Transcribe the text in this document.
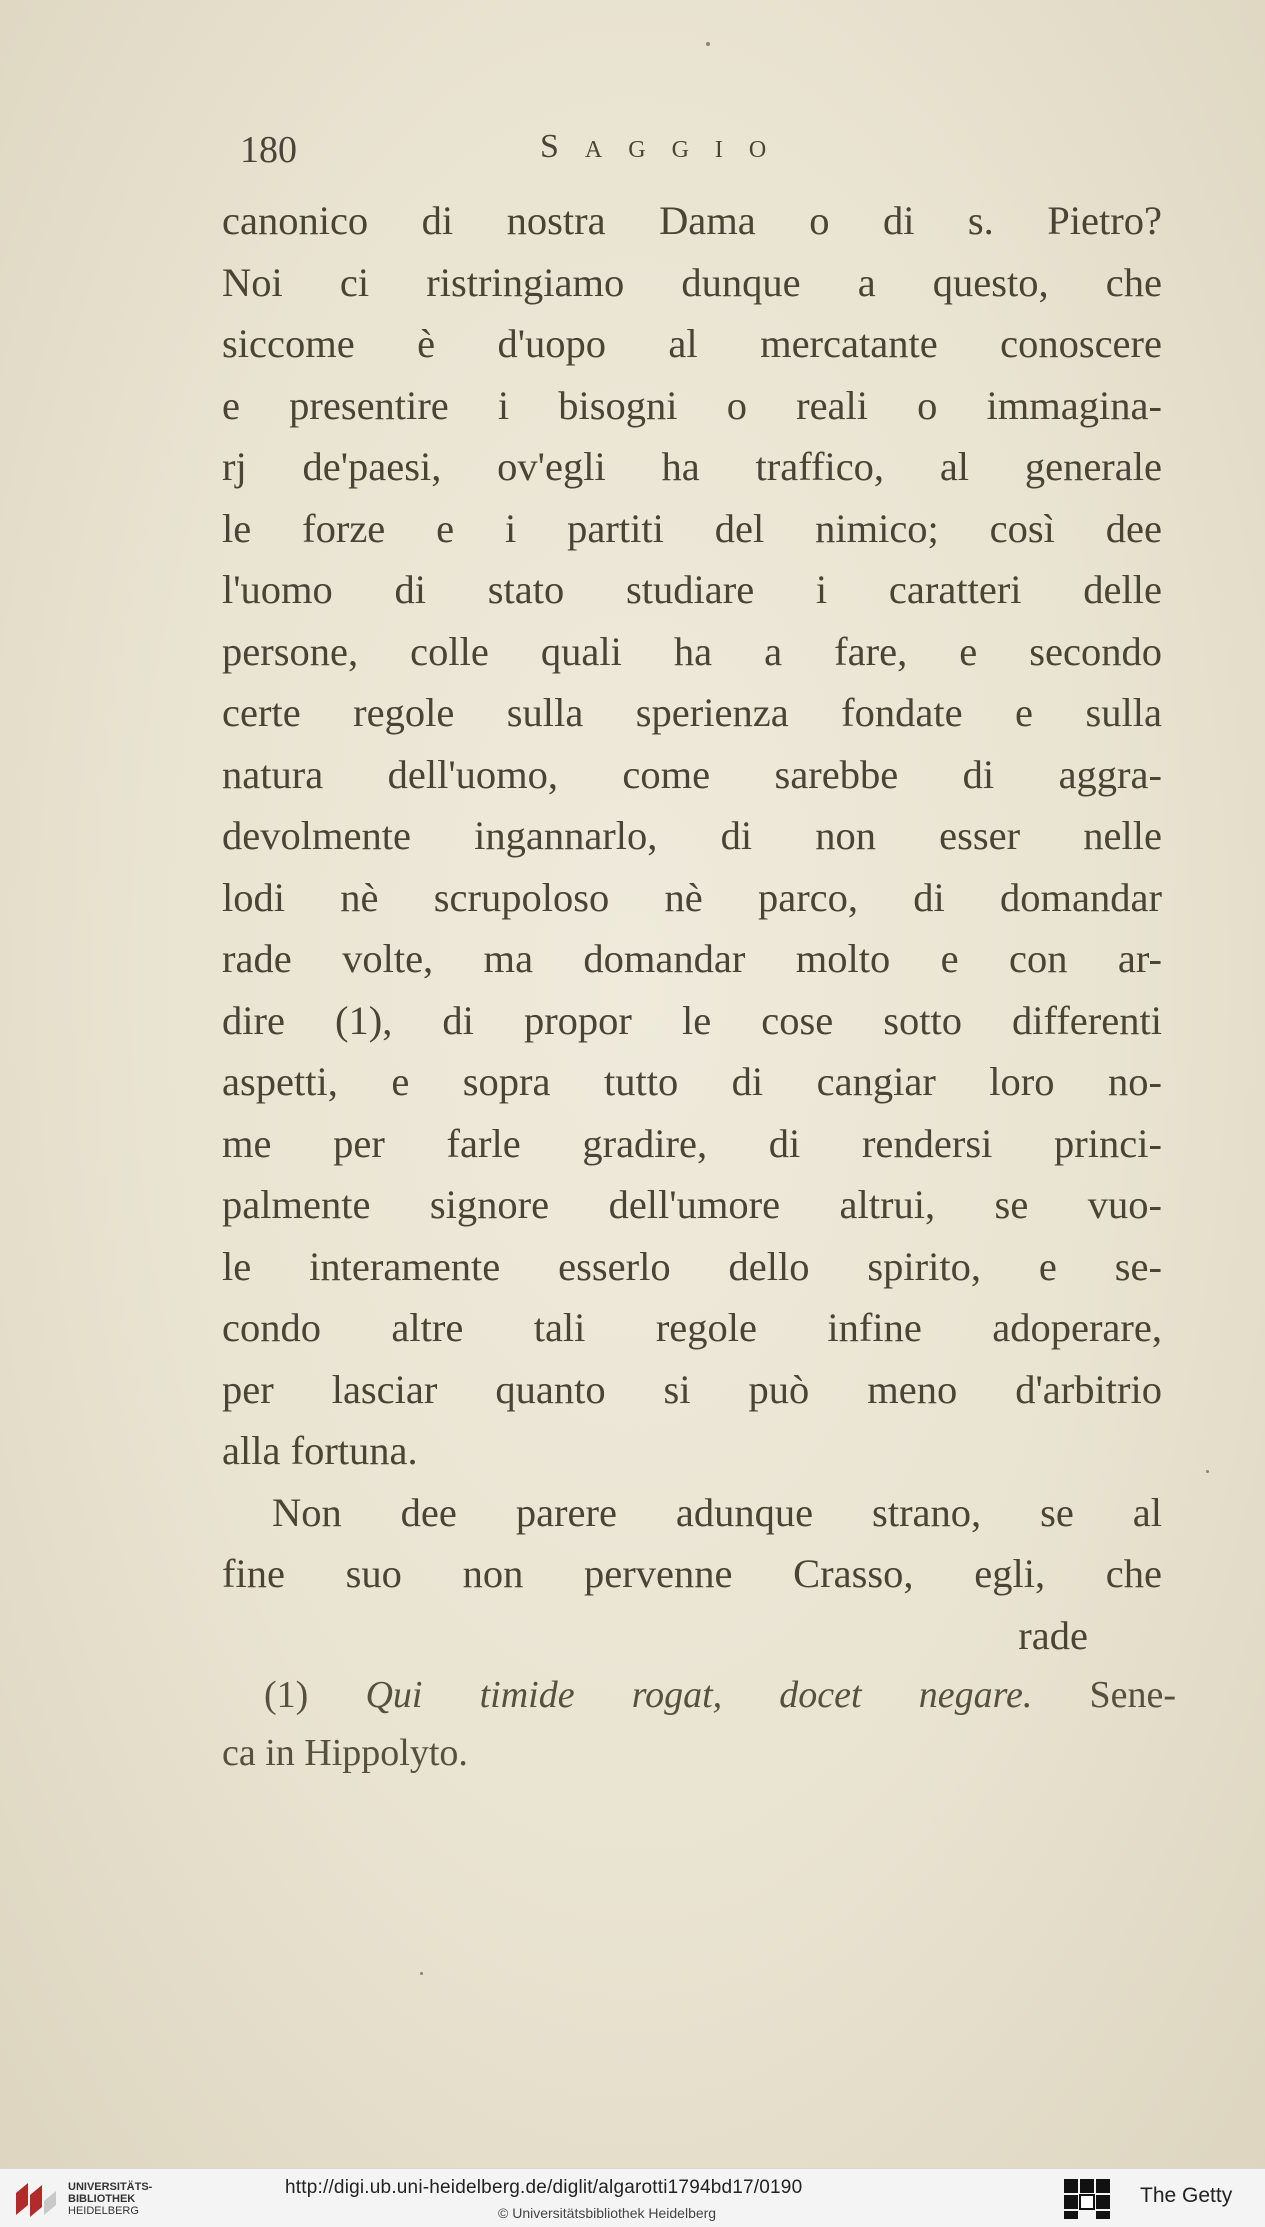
180	Saggio
canonico di nostra Dama o di s. Pietro?
Noi ci ristringiamo dunque a questo, che
siccome è d'uopo al mercatante conoscere
e presentire i bisogni o reali o immagina-
rj de'paesi, ov'egli ha traffico, al generale
le forze e i partiti del nimico; così dee
l'uomo di stato studiare i caratteri delle
persone, colle quali ha a fare, e secondo
certe regole sulla sperienza fondate e sulla
natura dell'uomo, come sarebbe di aggra-
devolmente ingannarlo, di non esser nelle
lodi nè scrupoloso nè parco, di domandar
rade volte, ma domandar molto e con ar-
dire (1), di propor le cose sotto differenti
aspetti, e sopra tutto di cangiar loro no-
me per farle gradire, di rendersi princi-
palmente signore dell'umore altrui, se vuo-
le interamente esserlo dello spirito, e se-
condo altre tali regole infine adoperare,
per lasciar quanto si può meno d'arbitrio
alla fortuna.
Non dee parere adunque strano, se al
fine suo non pervenne Crasso, egli, che
rade
(1) Qui timide rogat, docet negare. Sene-
ca in Hippolyto.
UNIVERSITÄTS-
BIBLIOTHEK
HEIDELBERG
http://digi.ub.uni-heidelberg.de/diglit/algarotti1794bd17/0190
© Universitätsbibliothek Heidelberg
The Getty
